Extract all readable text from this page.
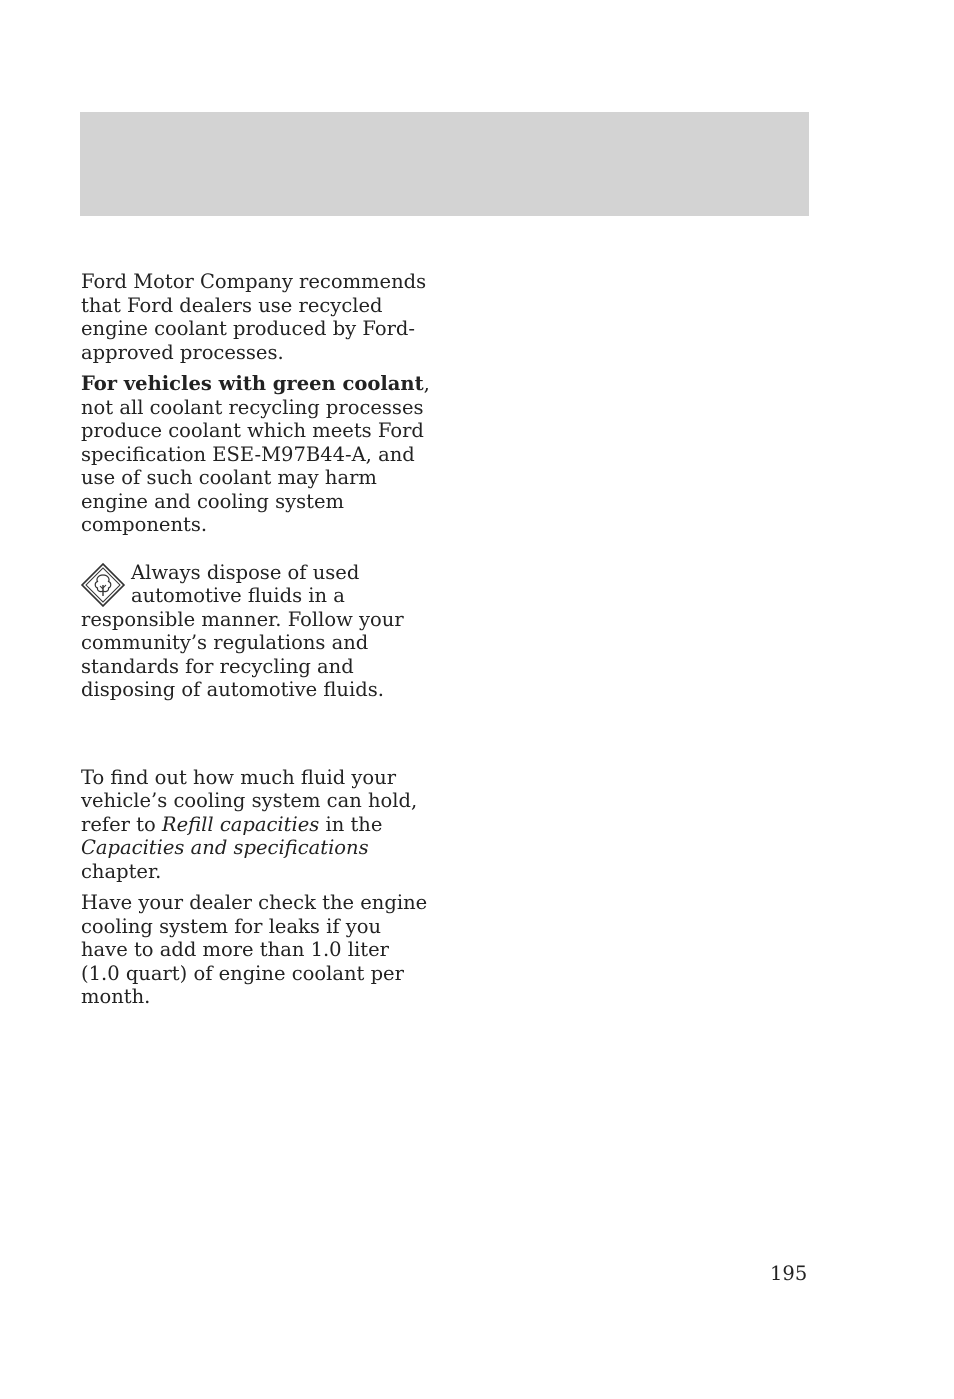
Ford Motor Company recommends that Ford dealers use recycled engine coolant produced by Ford-approved processes.

For vehicles with green coolant, not all coolant recycling processes produce coolant which meets Ford specification ESE-M97B44-A, and use of such coolant may harm engine and cooling system components.

Always dispose of used automotive fluids in a responsible manner. Follow your community’s regulations and standards for recycling and disposing of automotive fluids.

To find out how much fluid your vehicle’s cooling system can hold, refer to Refill capacities in the Capacities and specifications chapter.

Have your dealer check the engine cooling system for leaks if you have to add more than 1.0 liter (1.0 quart) of engine coolant per month.

195
